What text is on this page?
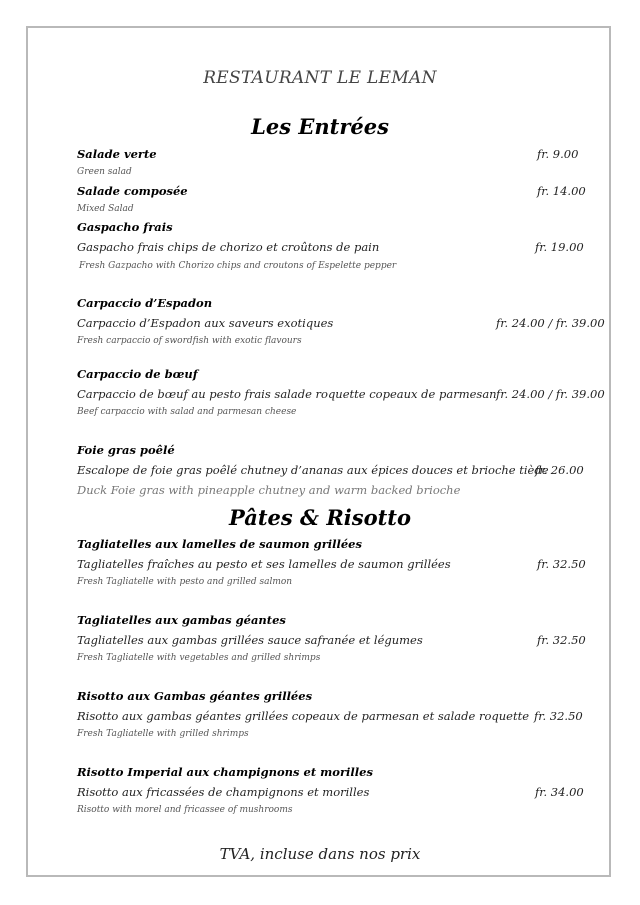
RESTAURANT LE LEMAN
Les Entrées
Salade verte	fr. 9.00
Green salad
Salade composée	fr. 14.00
Mixed Salad
Gaspacho frais
Gaspacho frais chips de chorizo et croûtons de pain	fr. 19.00
Fresh Gazpacho with Chorizo chips and croutons of Espelette pepper
Carpaccio d’Espadon
Carpaccio d’Espadon aux saveurs exotiques	fr. 24.00 / fr. 39.00
Fresh carpaccio of swordfish with exotic flavours
Carpaccio de bœuf
Carpaccio de bœuf au pesto frais salade roquette copeaux de parmesan fr. 24.00 / fr. 39.00
Beef carpaccio with salad and parmesan cheese
Foie gras poêlé
Escalope de foie gras poêlé chutney d’ananas aux épices douces et brioche tiède
fr. 26.00
Duck Foie gras with pineapple chutney and warm backed brioche
Pâtes & Risotto
Tagliatelles aux lamelles de saumon grillées
Tagliatelles fraîches au pesto et ses lamelles de saumon grillées	fr. 32.50
Fresh Tagliatelle with pesto and grilled salmon
Tagliatelles aux gambas géantes
Tagliatelles aux gambas grillées sauce safranée et légumes	fr. 32.50
Fresh Tagliatelle with vegetables and grilled shrimps
Risotto aux Gambas géantes grillées
Risotto aux gambas géantes grillées copeaux de parmesan et salade roquette fr. 32.50
Fresh Tagliatelle with grilled shrimps
Risotto Imperial aux champignons et morilles
Risotto aux fricassées de champignons et morilles	fr. 34.00
Risotto with morel and fricassee of mushrooms
TVA, incluse dans nos prix
